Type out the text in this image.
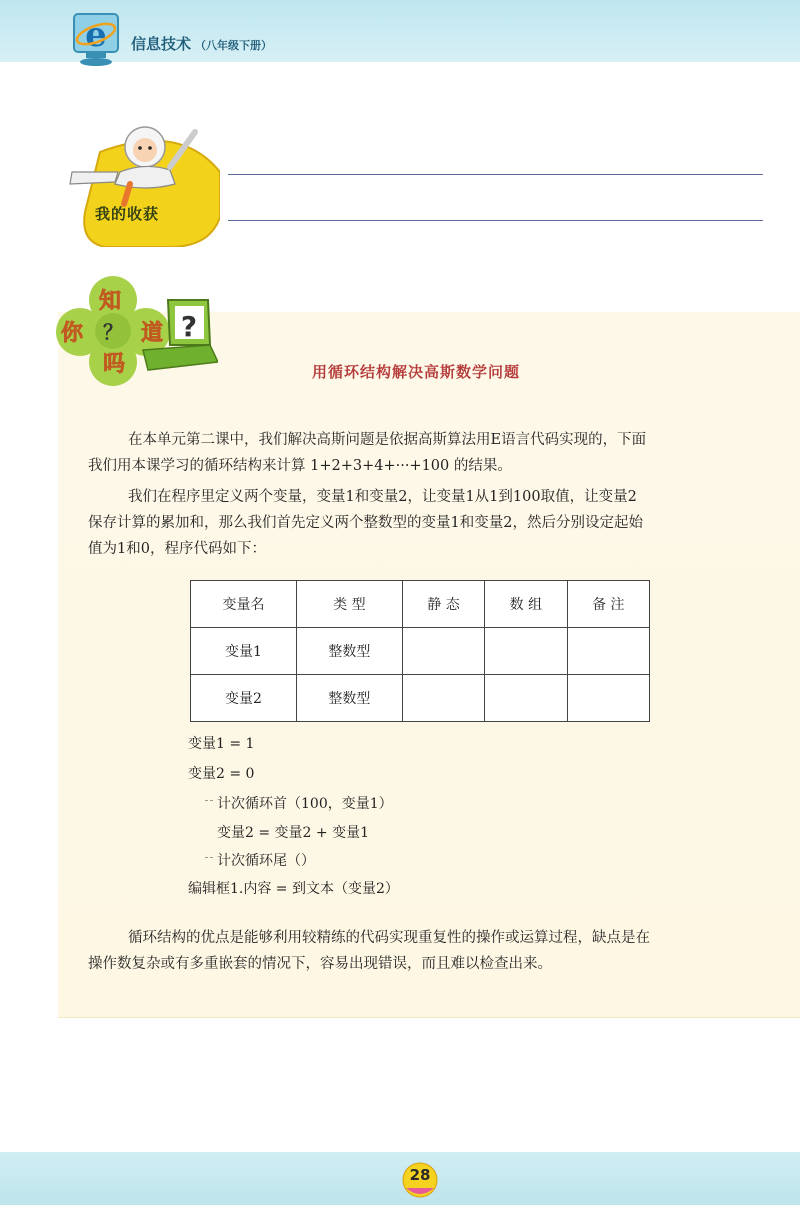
e 信息技术 （八年级下册）
我的收获
?
知
你 ？ 道
吗	用循环结构解决高斯数学问题

在本单元第二课中，我们解决高斯问题是依据高斯算法用E语言代码实现的，下面
我们用本课学习的循环结构来计算 1+2+3+4+···+100 的结果。

我们在程序里定义两个变量，变量1和变量2，让变量1从1到100取值，让变量2
保存计算的累加和，那么我们首先定义两个整数型的变量1和变量2，然后分别设定起始
值为1和0，程序代码如下：

变量名	类 型	静 态	数 组	备 注
变量1	整数型			
变量2	整数型			
变量1 = 1
变量2 = 0
计次循环首（100，变量1）
变量2 = 变量2 + 变量1
计次循环尾（）
编辑框1.内容 = 到文本（变量2）

循环结构的优点是能够利用较精练的代码实现重复性的操作或运算过程，缺点是在
操作数复杂或有多重嵌套的情况下，容易出现错误，而且难以检查出来。

28
